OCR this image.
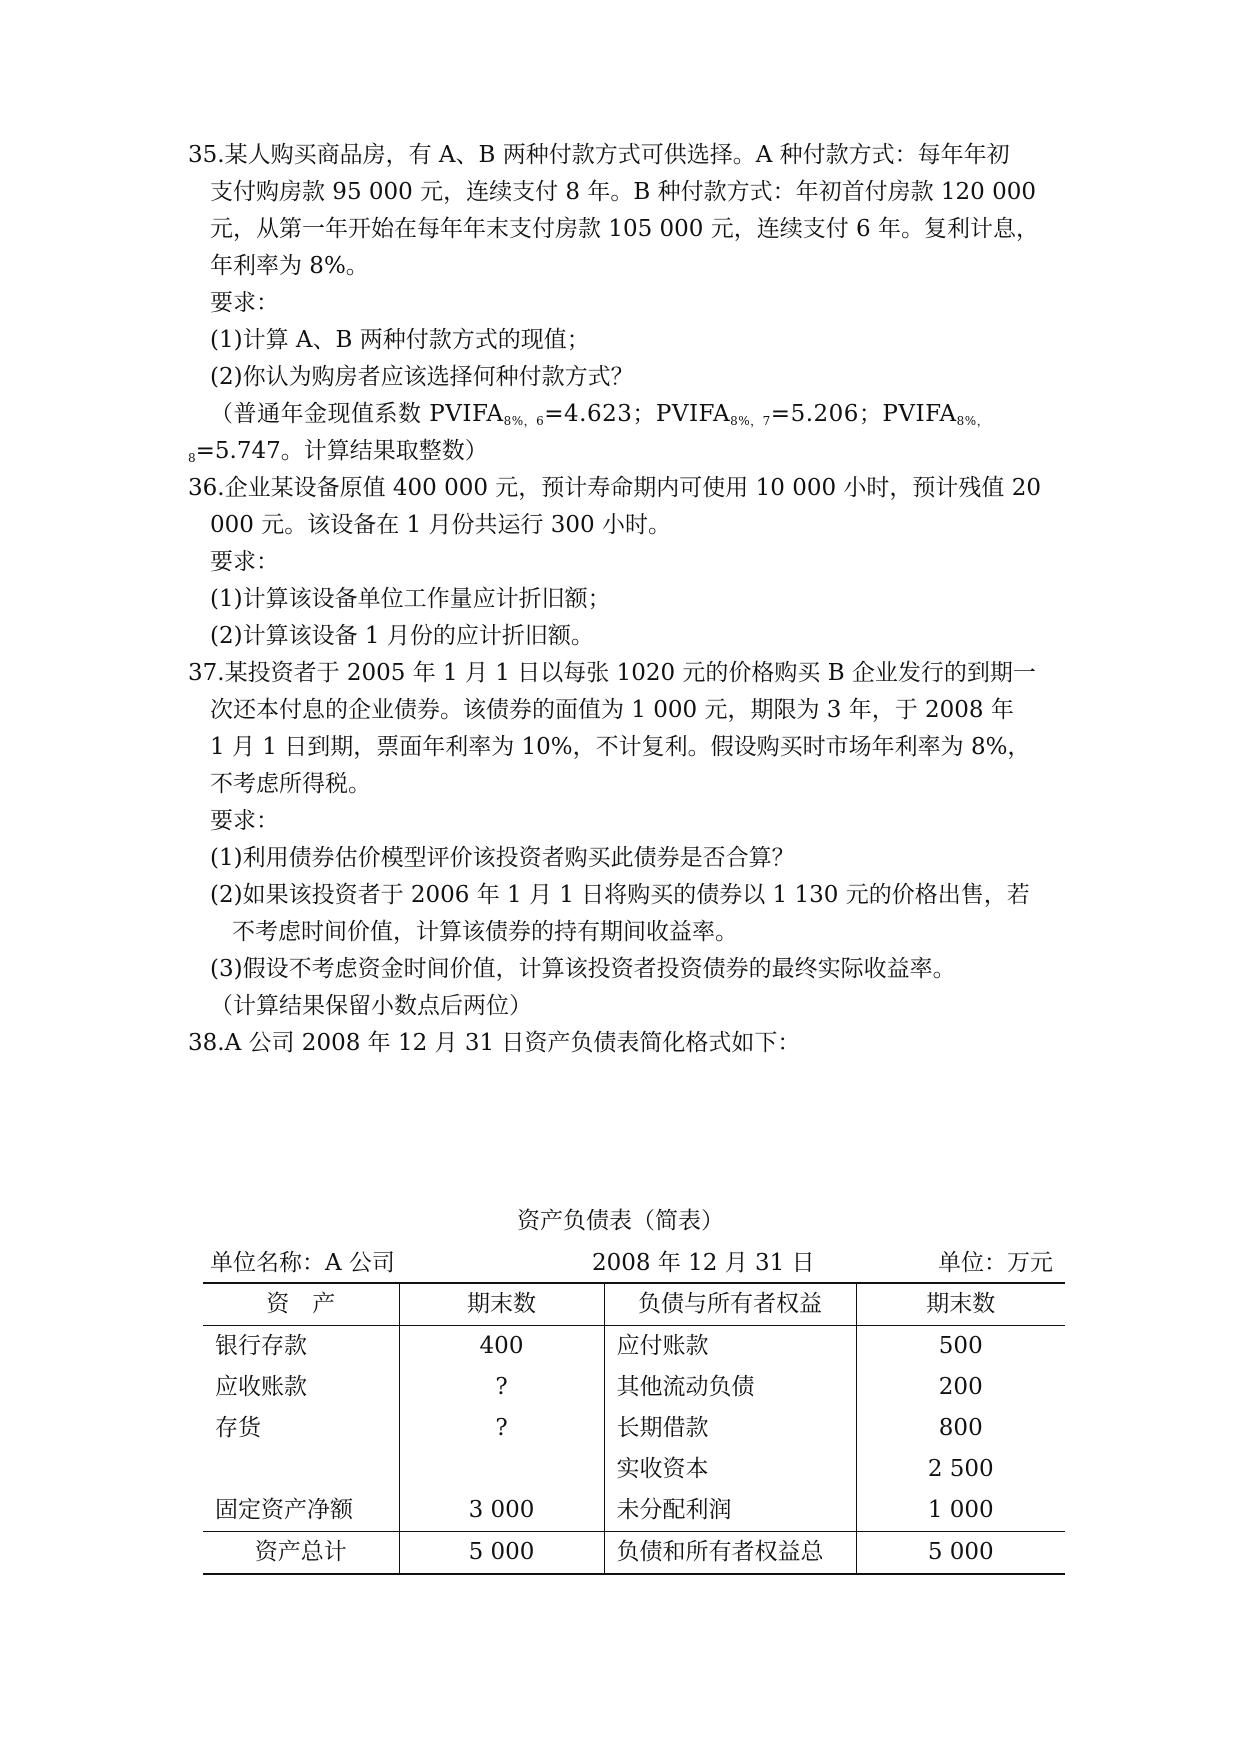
35.某人购买商品房，有 A、B 两种付款方式可供选择。A 种付款方式：每年年初
支付购房款 95 000 元，连续支付 8 年。B 种付款方式：年初首付房款 120 000
元，从第一年开始在每年年末支付房款 105 000 元，连续支付 6 年。复利计息，
年利率为 8%。
要求：
(1)计算 A、B 两种付款方式的现值；
(2)你认为购房者应该选择何种付款方式？
（普通年金现值系数 $PVIFA_{8\%,6}=4.623$；$PVIFA_{8\%,7}=5.206$；$PVIFA_{8\%,}$
$_8$=5.747。计算结果取整数）
36.企业某设备原值 400 000 元，预计寿命期内可使用 10 000 小时，预计残值 20
000 元。该设备在 1 月份共运行 300 小时。
要求：
(1)计算该设备单位工作量应计折旧额；
(2)计算该设备 1 月份的应计折旧额。
37.某投资者于 2005 年 1 月 1 日以每张 1020 元的价格购买 B 企业发行的到期一
次还本付息的企业债券。该债券的面值为 1 000 元，期限为 3 年，于 2008 年
1 月 1 日到期，票面年利率为 10%，不计复利。假设购买时市场年利率为 8%，
不考虑所得税。
要求：
(1)利用债券估价模型评价该投资者购买此债券是否合算？
(2)如果该投资者于 2006 年 1 月 1 日将购买的债券以 1 130 元的价格出售，若
不考虑时间价值，计算该债券的持有期间收益率。
(3)假设不考虑资金时间价值，计算该投资者投资债券的最终实际收益率。
（计算结果保留小数点后两位）
38.A 公司 2008 年 12 月 31 日资产负债表简化格式如下：
资产负债表（简表）
单位名称：A 公司	2008 年 12 月 31 日	单位：万元
资　产	期末数	负债与所有者权益	期末数
银行存款	400	应付账款	500
应收账款	?	其他流动负债	200
存货	?	长期借款	800
		实收资本	2 500
固定资产净额	3 000	未分配利润	1 000
资产总计	5 000	负债和所有者权益总	5 000
